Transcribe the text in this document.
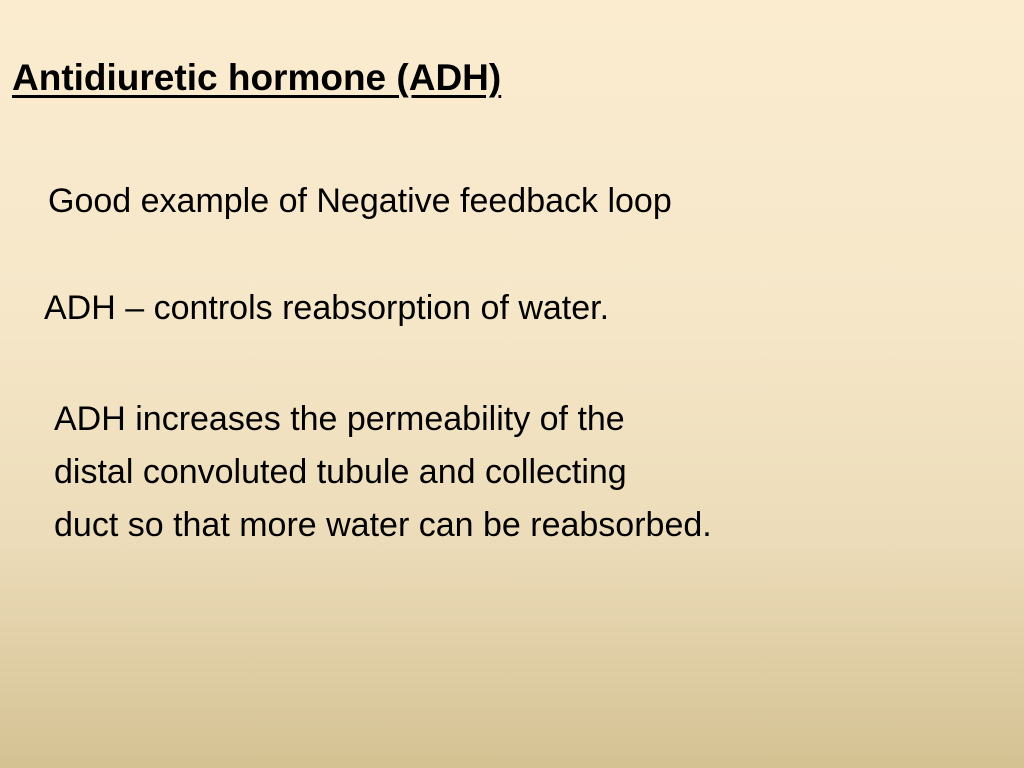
Antidiuretic hormone (ADH)

Good example of Negative feedback loop

ADH – controls reabsorption of water.

ADH increases the permeability of the
distal convoluted tubule and collecting
duct so that more water can be reabsorbed.
